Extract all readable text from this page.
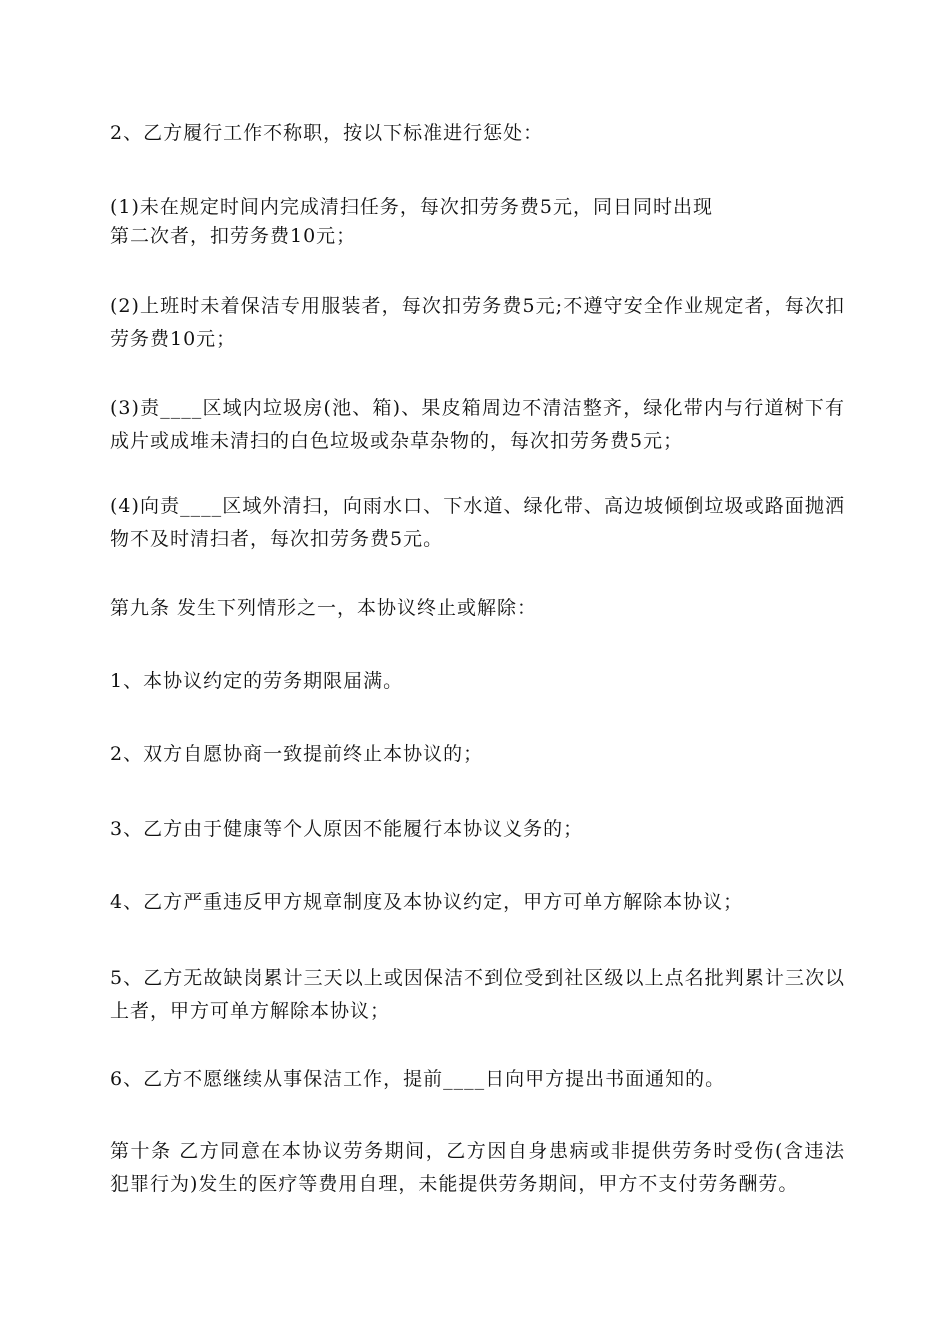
2、乙方履行工作不称职，按以下标准进行惩处：

(1)未在规定时间内完成清扫任务，每次扣劳务费5元，同日同时出现

第二次者，扣劳务费10元；

(2)上班时未着保洁专用服装者，每次扣劳务费5元;不遵守安全作业规定者，每次扣劳务费10元；

(3)责____区域内垃圾房(池、箱)、果皮箱周边不清洁整齐，绿化带内与行道树下有成片或成堆未清扫的白色垃圾或杂草杂物的，每次扣劳务费5元；

(4)向责____区域外清扫，向雨水口、下水道、绿化带、高边坡倾倒垃圾或路面抛洒物不及时清扫者，每次扣劳务费5元。

第九条 发生下列情形之一，本协议终止或解除：

1、本协议约定的劳务期限届满。

2、双方自愿协商一致提前终止本协议的；

3、乙方由于健康等个人原因不能履行本协议义务的；

4、乙方严重违反甲方规章制度及本协议约定，甲方可单方解除本协议；

5、乙方无故缺岗累计三天以上或因保洁不到位受到社区级以上点名批判累计三次以上者，甲方可单方解除本协议；

6、乙方不愿继续从事保洁工作，提前____日向甲方提出书面通知的。

第十条 乙方同意在本协议劳务期间，乙方因自身患病或非提供劳务时受伤(含违法犯罪行为)发生的医疗等费用自理，未能提供劳务期间，甲方不支付劳务酬劳。
